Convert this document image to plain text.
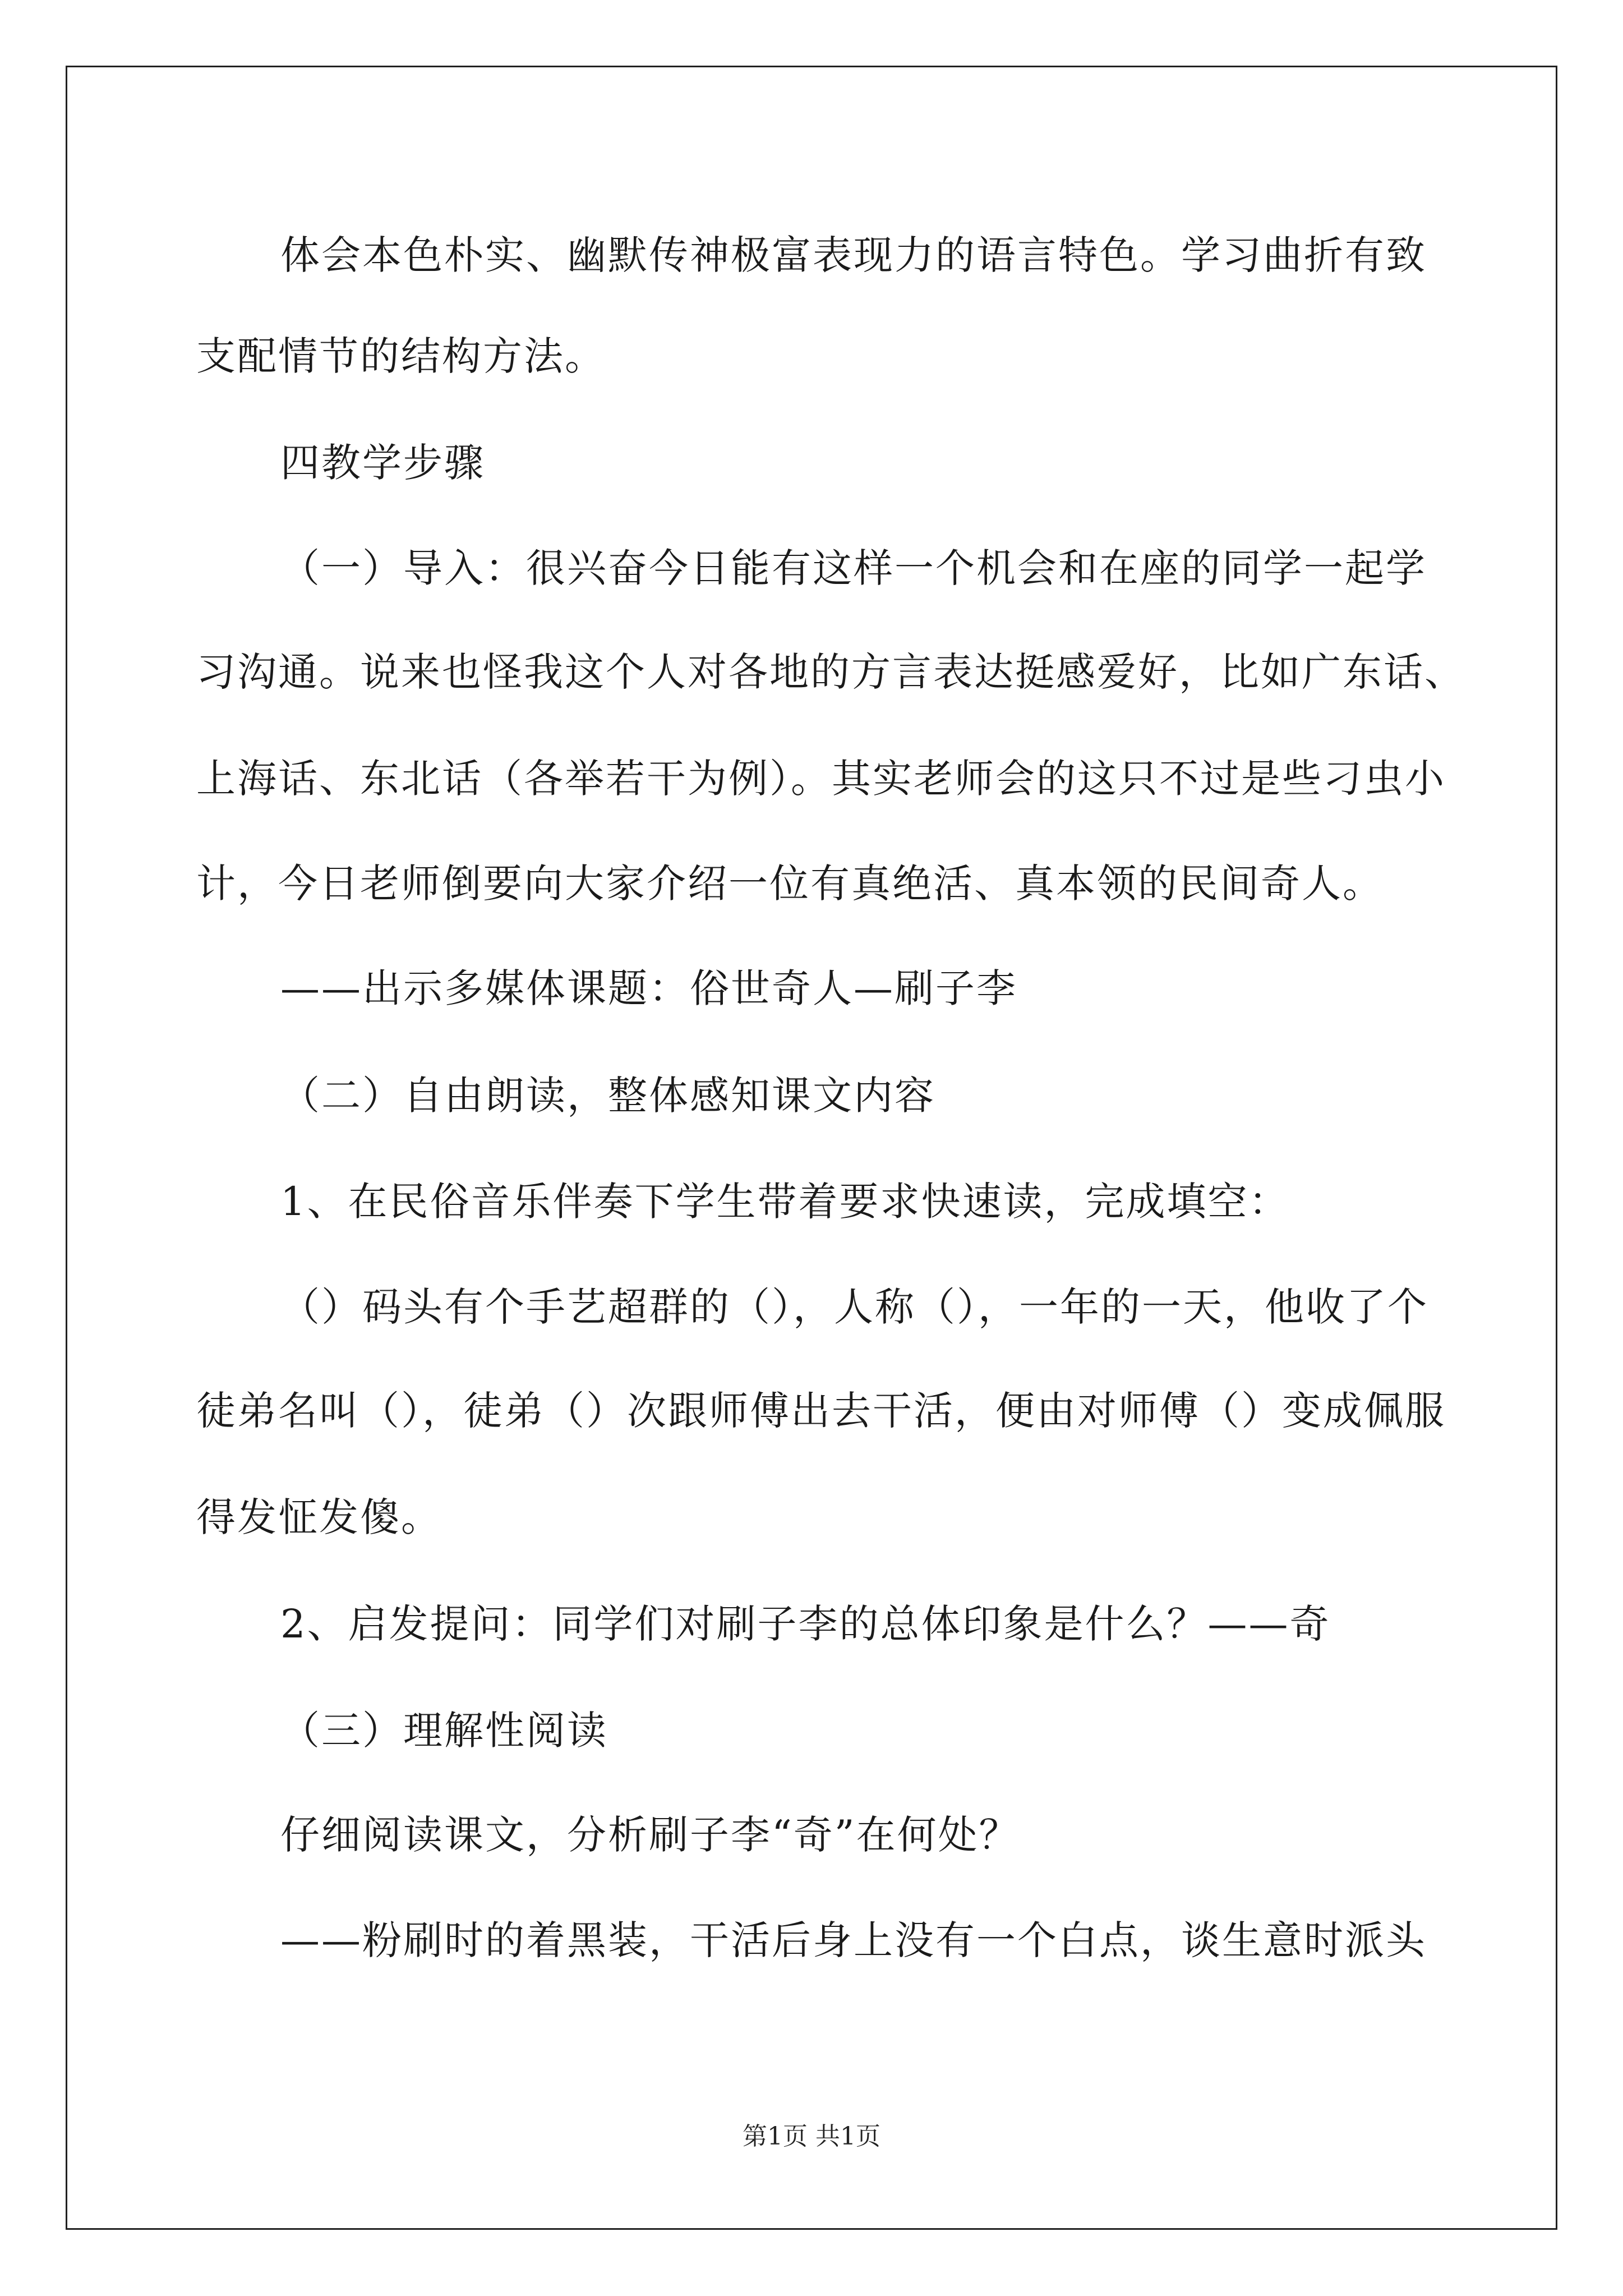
体会本色朴实、幽默传神极富表现力的语言特色。学习曲折有致
支配情节的结构方法。
四教学步骤
（一）导入：很兴奋今日能有这样一个机会和在座的同学一起学
习沟通。说来也怪我这个人对各地的方言表达挺感爱好，比如广东话、
上海话、东北话（各举若干为例）。其实老师会的这只不过是些刁虫小
计，今日老师倒要向大家介绍一位有真绝活、真本领的民间奇人。
——出示多媒体课题：俗世奇人—刷子李
（二）自由朗读，整体感知课文内容
1、在民俗音乐伴奏下学生带着要求快速读，完成填空：
（）码头有个手艺超群的（），人称（），一年的一天，他收了个
徒弟名叫（），徒弟（）次跟师傅出去干活，便由对师傅（）变成佩服
得发怔发傻。
2、启发提问：同学们对刷子李的总体印象是什么？——奇
（三）理解性阅读
仔细阅读课文，分析刷子李“奇”在何处？
——粉刷时的着黑装，干活后身上没有一个白点，谈生意时派头
第1页 共1页
